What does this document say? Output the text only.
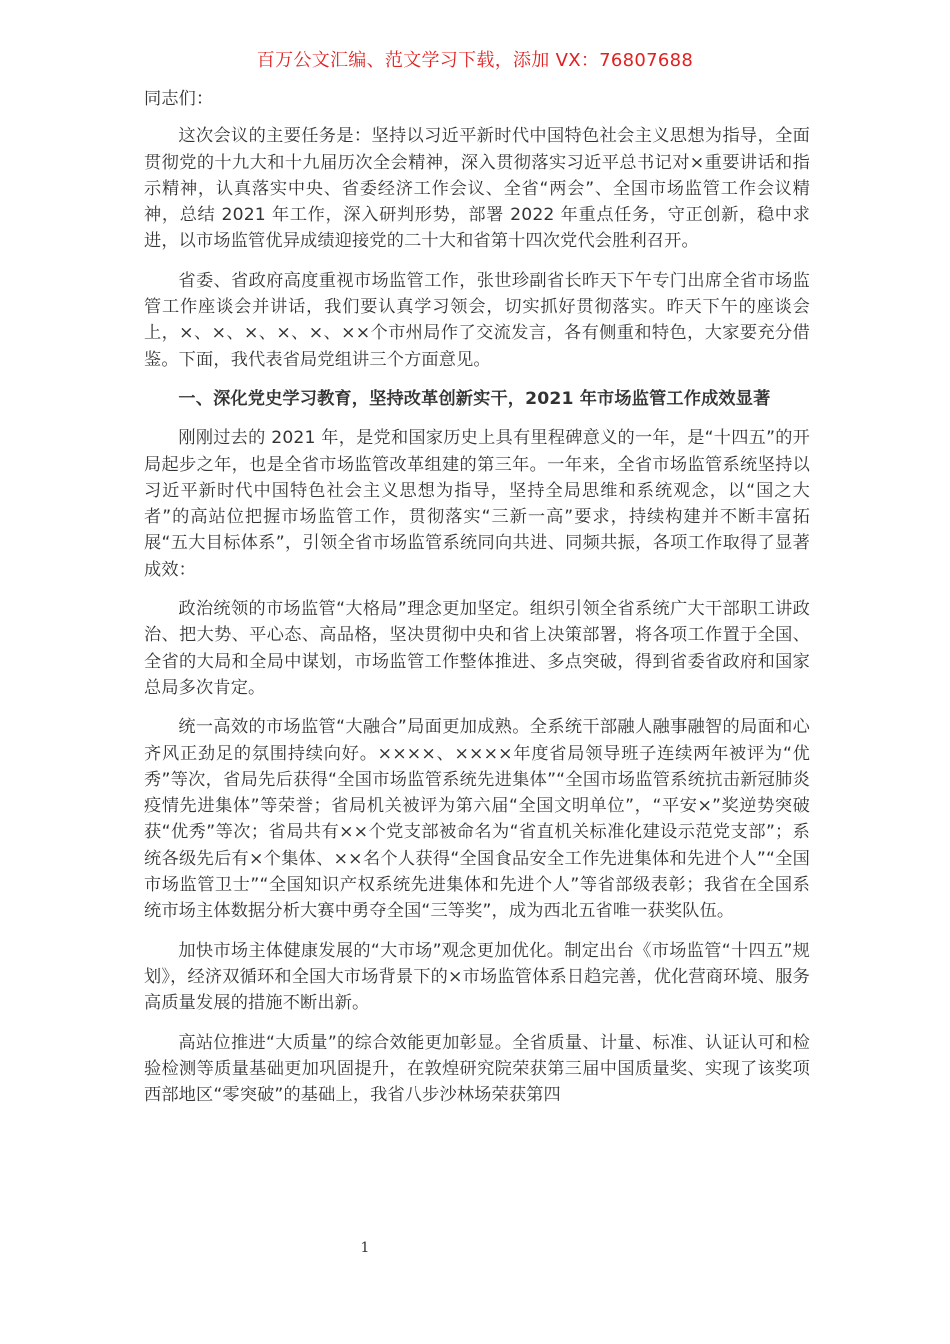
百万公文汇编、范文学习下载，添加 VX：76807688

同志们：

这次会议的主要任务是：坚持以习近平新时代中国特色社会主义思想为指导，全面贯彻党的十九大和十九届历次全会精神，深入贯彻落实习近平总书记对×重要讲话和指示精神，认真落实中央、省委经济工作会议、全省“两会”、全国市场监管工作会议精神，总结 2021 年工作，深入研判形势，部署 2022 年重点任务，守正创新，稳中求进，以市场监管优异成绩迎接党的二十大和省第十四次党代会胜利召开。

省委、省政府高度重视市场监管工作，张世珍副省长昨天下午专门出席全省市场监管工作座谈会并讲话，我们要认真学习领会，切实抓好贯彻落实。昨天下午的座谈会上，×、×、×、×、×、××个市州局作了交流发言，各有侧重和特色，大家要充分借鉴。下面，我代表省局党组讲三个方面意见。

一、深化党史学习教育，坚持改革创新实干，2021 年市场监管工作成效显著

刚刚过去的 2021 年，是党和国家历史上具有里程碑意义的一年，是“十四五”的开局起步之年，也是全省市场监管改革组建的第三年。一年来，全省市场监管系统坚持以习近平新时代中国特色社会主义思想为指导，坚持全局思维和系统观念，以“国之大者”的高站位把握市场监管工作，贯彻落实“三新一高”要求，持续构建并不断丰富拓展“五大目标体系”，引领全省市场监管系统同向共进、同频共振，各项工作取得了显著成效：

政治统领的市场监管“大格局”理念更加坚定。组织引领全省系统广大干部职工讲政治、把大势、平心态、高品格，坚决贯彻中央和省上决策部署，将各项工作置于全国、全省的大局和全局中谋划，市场监管工作整体推进、多点突破，得到省委省政府和国家总局多次肯定。

统一高效的市场监管“大融合”局面更加成熟。全系统干部融人融事融智的局面和心齐风正劲足的氛围持续向好。××××、××××年度省局领导班子连续两年被评为“优秀”等次，省局先后获得“全国市场监管系统先进集体”“全国市场监管系统抗击新冠肺炎疫情先进集体”等荣誉；省局机关被评为第六届“全国文明单位”，“平安×”奖逆势突破获“优秀”等次；省局共有××个党支部被命名为“省直机关标准化建设示范党支部”；系统各级先后有×个集体、××名个人获得“全国食品安全工作先进集体和先进个人”“全国市场监管卫士”“全国知识产权系统先进集体和先进个人”等省部级表彰；我省在全国系统市场主体数据分析大赛中勇夺全国“三等奖”，成为西北五省唯一获奖队伍。

加快市场主体健康发展的“大市场”观念更加优化。制定出台《市场监管“十四五”规划》，经济双循环和全国大市场背景下的×市场监管体系日趋完善，优化营商环境、服务高质量发展的措施不断出新。

高站位推进“大质量”的综合效能更加彰显。全省质量、计量、标准、认证认可和检验检测等质量基础更加巩固提升，在敦煌研究院荣获第三届中国质量奖、实现了该奖项西部地区“零突破”的基础上，我省八步沙林场荣获第四

1
